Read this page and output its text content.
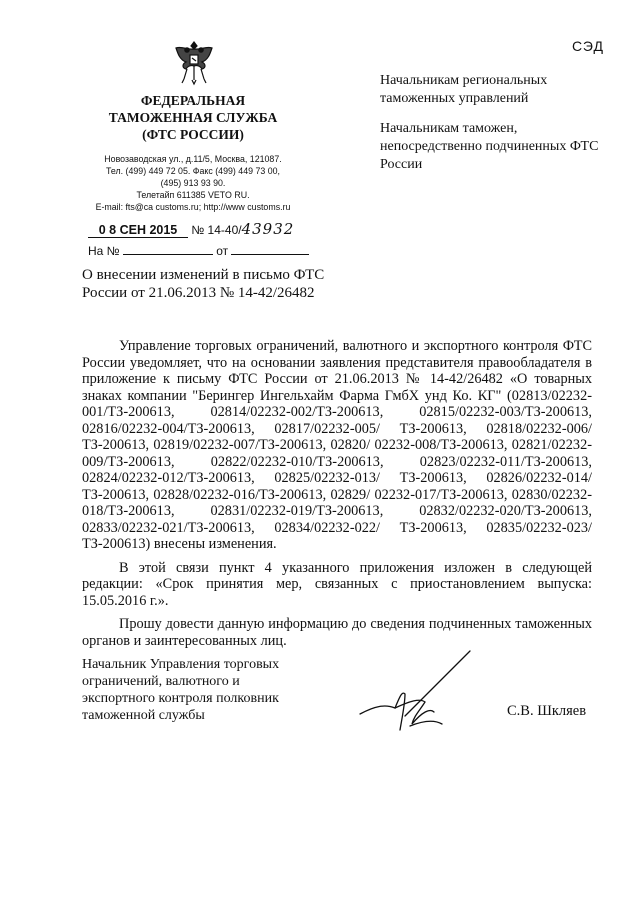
СЭД
ФЕДЕРАЛЬНАЯ
ТАМОЖЕННАЯ СЛУЖБА
(ФТС РОССИИ)
Новозаводская ул., д.11/5, Москва, 121087.
Тел. (499) 449 72 05. Факс (499) 449 73 00,
(495) 913 93 90.
Телетайп 611385 VETO RU.
E-mail: fts@ca customs.ru; http://www customs.ru
0 8 СЕН 2015 № 14-40/43932
На №	от

Начальникам региональных таможенных управлений

Начальникам таможен, непосредственно подчиненных ФТС России

О внесении изменений в письмо ФТС России от 21.06.2013 № 14-42/26482

Управление торговых ограничений, валютного и экспортного контроля ФТС России уведомляет, что на основании заявления представителя правообладателя в приложение к письму ФТС России от 21.06.2013 № 14-42/26482 «О товарных знаках компании "Берингер Ингельхайм Фарма ГмбХ унд Ко. КГ" (02813/02232-001/ТЗ-200613, 02814/02232-002/ТЗ-200613, 02815/02232-003/ТЗ-200613, 02816/02232-004/ТЗ-200613, 02817/02232-005/ ТЗ-200613, 02818/02232-006/ТЗ-200613, 02819/02232-007/ТЗ-200613, 02820/ 02232-008/ТЗ-200613, 02821/02232-009/ТЗ-200613, 02822/02232-010/ТЗ-200613, 02823/02232-011/ТЗ-200613, 02824/02232-012/ТЗ-200613, 02825/02232-013/ ТЗ-200613, 02826/02232-014/ТЗ-200613, 02828/02232-016/ТЗ-200613, 02829/ 02232-017/ТЗ-200613, 02830/02232-018/ТЗ-200613, 02831/02232-019/ТЗ-200613, 02832/02232-020/ТЗ-200613, 02833/02232-021/ТЗ-200613, 02834/02232-022/ ТЗ-200613, 02835/02232-023/ТЗ-200613) внесены изменения.

В этой связи пункт 4 указанного приложения изложен в следующей редакции: «Срок принятия мер, связанных с приостановлением выпуска: 15.05.2016 г.».

Прошу довести данную информацию до сведения подчиненных таможенных органов и заинтересованных лиц.

Начальник Управления торговых ограничений, валютного и экспортного контроля полковник таможенной службы	С.В. Шкляев
